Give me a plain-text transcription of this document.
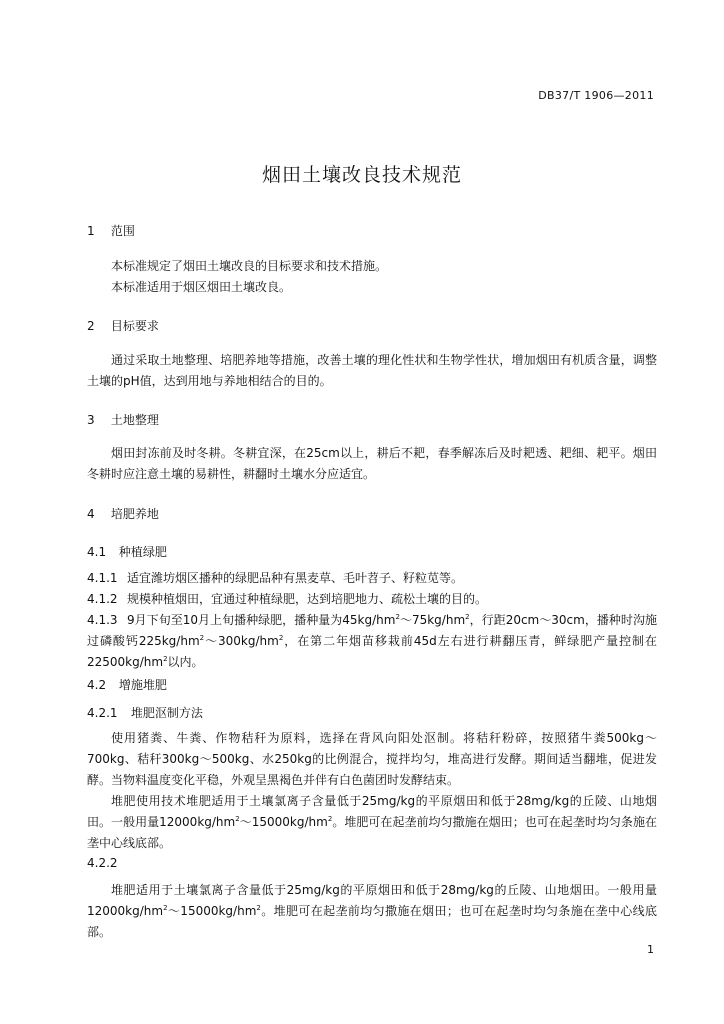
DB37/T 1906—2011
烟田土壤改良技术规范
1 范围

本标准规定了烟田土壤改良的目标要求和技术措施。

本标准适用于烟区烟田土壤改良。

2 目标要求

通过采取土地整理、培肥养地等措施，改善土壤的理化性状和生物学性状，增加烟田有机质含量，调整土壤的pH值，达到用地与养地相结合的目的。

3 土地整理

烟田封冻前及时冬耕。冬耕宜深，在25cm以上，耕后不耙，春季解冻后及时耙透、耙细、耙平。烟田冬耕时应注意土壤的易耕性，耕翻时土壤水分应适宜。

4 培肥养地
4.1 种植绿肥
4.1.1 适宜潍坊烟区播种的绿肥品种有黑麦草、毛叶苕子、籽粒苋等。
4.1.2 规模种植烟田，宜通过种植绿肥，达到培肥地力、疏松土壤的目的。
4.1.3 9月下旬至10月上旬播种绿肥，播种量为$45kg/hm^2\sim 75kg/hm^2$，行距20cm～30cm，播种时沟施过磷酸钙$225kg/hm^2\sim 300kg/hm^2$，在第二年烟苗移栽前45d左右进行耕翻压青，鲜绿肥产量控制在$22500kg/hm^2$以内。
4.2 增施堆肥
4.2.1 堆肥沤制方法

使用猪粪、牛粪、作物秸秆为原料，选择在背风向阳处沤制。将秸秆粉碎，按照猪牛粪500kg～700kg、秸秆300kg～500kg、水250kg的比例混合，搅拌均匀，堆高进行发酵。期间适当翻堆，促进发酵。当物料温度变化平稳，外观呈黑褐色并伴有白色菌团时发酵结束。

堆肥使用技术堆肥适用于土壤氯离子含量低于25mg/kg的平原烟田和低于28mg/kg的丘陵、山地烟田。一般用量$12000kg/hm^2\sim 15000kg/hm^2$。堆肥可在起垄前均匀撒施在烟田；也可在起垄时均匀条施在垄中心线底部。

4.2.2

堆肥适用于土壤氯离子含量低于25mg/kg的平原烟田和低于28mg/kg的丘陵、山地烟田。一般用量$12000kg/hm^2\sim 15000kg/hm^2$。堆肥可在起垄前均匀撒施在烟田；也可在起垄时均匀条施在垄中心线底部。

1
